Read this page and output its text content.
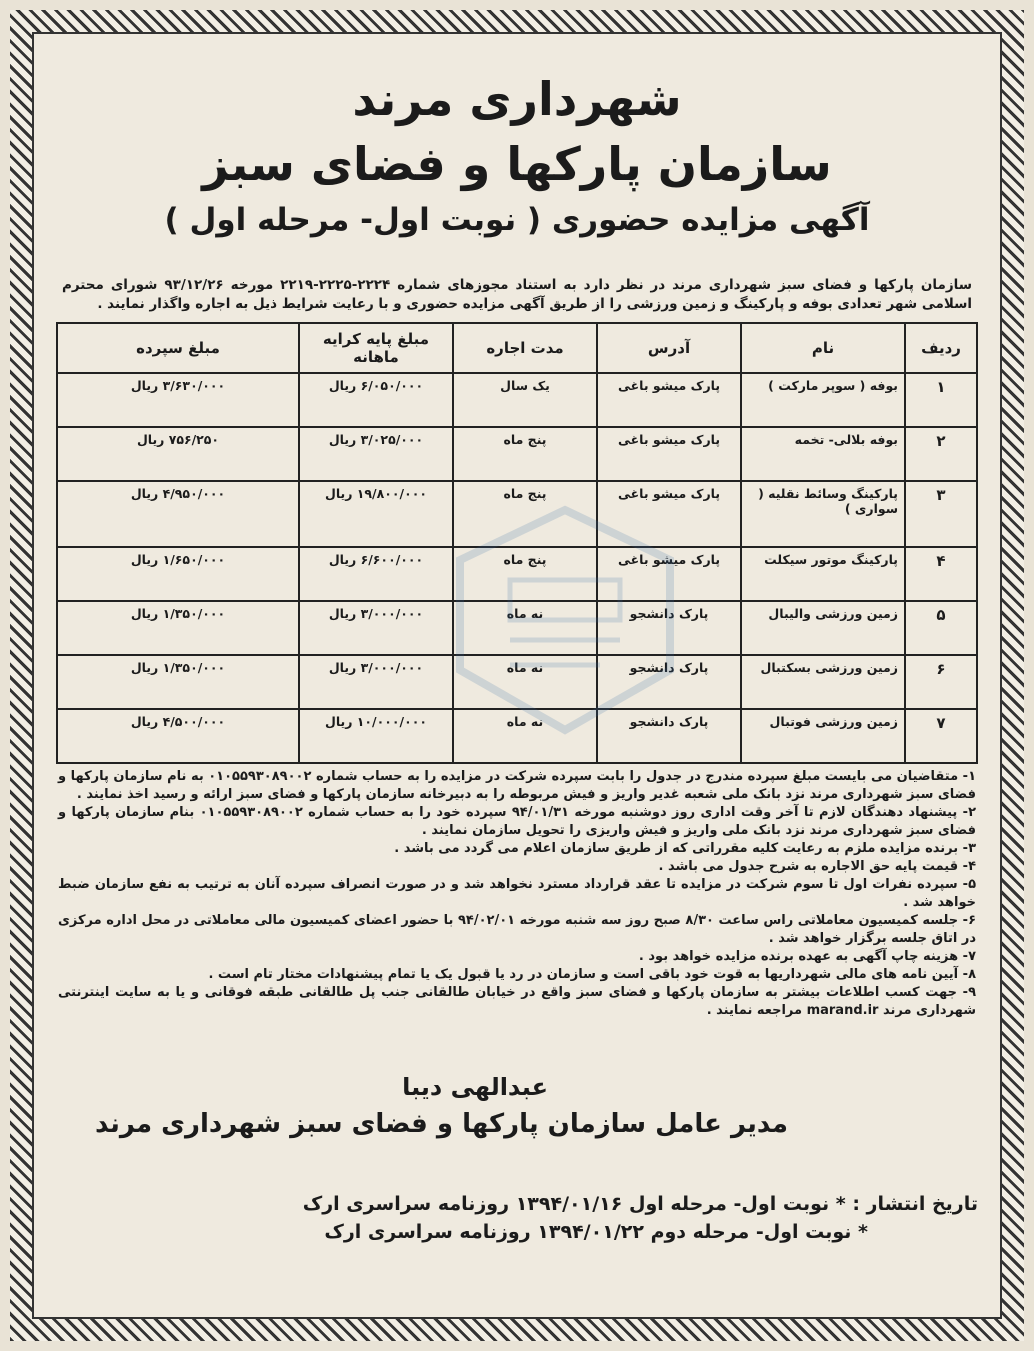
شهرداری مرند
سازمان پارکها و فضای سبز
آگهی مزایده حضوری ( نوبت اول- مرحله اول )
سازمان پارکها و فضای سبز شهرداری مرند در نظر دارد به استناد مجوزهای شماره ۲۲۲۴-۲۲۲۵-۲۲۱۹ مورخه ۹۳/۱۲/۲۶ شورای محترم اسلامی شهر تعدادی بوفه و پارکینگ و زمین ورزشی را از طریق آگهی مزایده حضوری و با رعایت شرایط ذیل به اجاره واگذار نمایند .
ردیف	نام	آدرس	مدت اجاره	مبلغ پایه کرایه ماهانه	مبلغ سپرده
۱	بوفه ( سوپر مارکت )	پارک میشو باغی	یک سال	۶/۰۵۰/۰۰۰ ریال	۳/۶۳۰/۰۰۰ ریال
۲	بوفه بلالی- تخمه	پارک میشو باغی	پنج ماه	۳/۰۲۵/۰۰۰ ریال	۷۵۶/۲۵۰ ریال
۳	پارکینگ وسائط نقلیه ( سواری )	پارک میشو باغی	پنج ماه	۱۹/۸۰۰/۰۰۰ ریال	۴/۹۵۰/۰۰۰ ریال
۴	پارکینگ موتور سیکلت	پارک میشو باغی	پنج ماه	۶/۶۰۰/۰۰۰ ریال	۱/۶۵۰/۰۰۰ ریال
۵	زمین ورزشی والیبال	پارک دانشجو	نه ماه	۳/۰۰۰/۰۰۰ ریال	۱/۳۵۰/۰۰۰ ریال
۶	زمین ورزشی بسکتبال	پارک دانشجو	نه ماه	۳/۰۰۰/۰۰۰ ریال	۱/۳۵۰/۰۰۰ ریال
۷	زمین ورزشی فوتبال	پارک دانشجو	نه ماه	۱۰/۰۰۰/۰۰۰ ریال	۴/۵۰۰/۰۰۰ ریال

۱- متقاضیان می بایست مبلغ سپرده مندرج در جدول را بابت سپرده شرکت در مزایده را به حساب شماره ۰۱۰۵۵۹۳۰۸۹۰۰۲ به نام سازمان پارکها و فضای سبز شهرداری مرند نزد بانک ملی شعبه غدیر واریز و فیش مربوطه را به دبیرخانه سازمان پارکها و فضای سبز ارائه و رسید اخذ نمایند .

۲- پیشنهاد دهندگان لازم تا آخر وقت اداری روز دوشنبه مورخه ۹۴/۰۱/۳۱ سپرده خود را به حساب شماره ۰۱۰۵۵۹۳۰۸۹۰۰۲ بنام سازمان پارکها و فضای سبز شهرداری مرند نزد بانک ملی واریز و فیش واریزی را تحویل سازمان نمایند .

۳- برنده مزایده ملزم به رعایت کلیه مقرراتی که از طریق سازمان اعلام می گردد می باشد .

۴- قیمت پایه حق الاجاره به شرح جدول می باشد .

۵- سپرده نفرات اول تا سوم شرکت در مزایده تا عقد قرارداد مسترد نخواهد شد و در صورت انصراف سپرده آنان به ترتیب به نفع سازمان ضبط خواهد شد .

۶- جلسه کمیسیون معاملاتی راس ساعت ۸/۳۰ صبح روز سه شنبه مورخه ۹۴/۰۲/۰۱ با حضور اعضای کمیسیون مالی معاملاتی در محل اداره مرکزی در اتاق جلسه برگزار خواهد شد .

۷- هزینه چاپ آگهی به عهده برنده مزایده خواهد بود .

۸- آیین نامه های مالی شهرداریها به قوت خود باقی است و سازمان در رد یا قبول یک یا تمام پیشنهادات مختار تام است .

۹- جهت کسب اطلاعات بیشتر به سازمان پارکها و فضای سبز واقع در خیابان طالقانی جنب پل طالقانی طبقه فوقانی و یا به سایت اینترنتی شهرداری مرند marand.ir مراجعه نمایند .

عبدالهی دیبا
مدیر عامل سازمان پارکها و فضای سبز شهرداری مرند
تاریخ انتشار : * نوبت اول- مرحله اول ۱۳۹۴/۰۱/۱۶ روزنامه سراسری ارک
* نوبت اول- مرحله دوم ۱۳۹۴/۰۱/۲۲ روزنامه سراسری ارک
